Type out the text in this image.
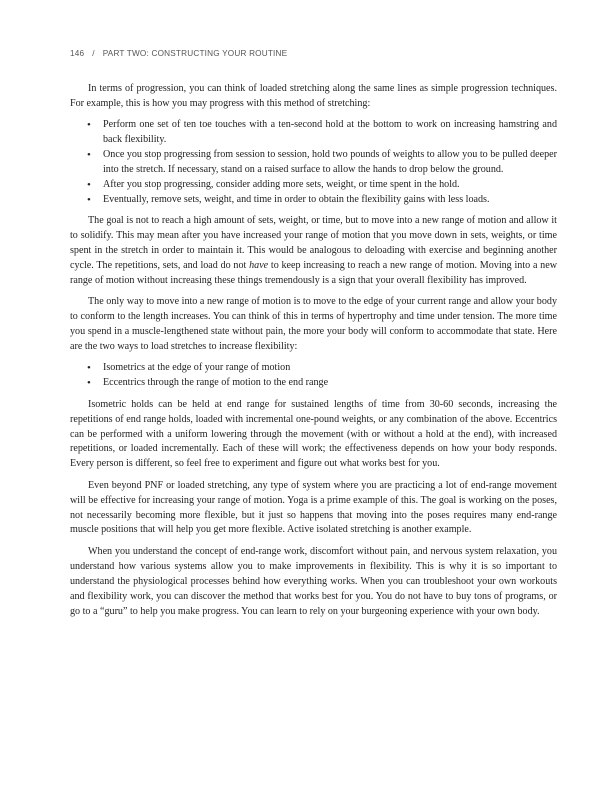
146 / PART TWO: CONSTRUCTING YOUR ROUTINE

In terms of progression, you can think of loaded stretching along the same lines as simple progression techniques. For example, this is how you may progress with this method of stretching:

• Perform one set of ten toe touches with a ten-second hold at the bottom to work on increasing hamstring and back flexibility.
• Once you stop progressing from session to session, hold two pounds of weights to allow you to be pulled deeper into the stretch. If necessary, stand on a raised surface to allow the hands to drop below the ground.
• After you stop progressing, consider adding more sets, weight, or time spent in the hold.
• Eventually, remove sets, weight, and time in order to obtain the flexibility gains with less loads.

The goal is not to reach a high amount of sets, weight, or time, but to move into a new range of motion and allow it to solidify. This may mean after you have increased your range of motion that you move down in sets, weights, or time spent in the stretch in order to maintain it. This would be analogous to deloading with exercise and beginning another cycle. The repetitions, sets, and load do not have to keep increasing to reach a new range of motion. Moving into a new range of motion without increasing these things tremendously is a sign that your overall flexibility has improved.

The only way to move into a new range of motion is to move to the edge of your current range and allow your body to conform to the length increases. You can think of this in terms of hypertrophy and time under tension. The more time you spend in a muscle-lengthened state without pain, the more your body will conform to accommodate that state. Here are the two ways to load stretches to increase flexibility:

• Isometrics at the edge of your range of motion
• Eccentrics through the range of motion to the end range

Isometric holds can be held at end range for sustained lengths of time from 30-60 seconds, increasing the repetitions of end range holds, loaded with incremental one-pound weights, or any combination of the above. Eccentrics can be performed with a uniform lowering through the movement (with or without a hold at the end), with increased repetitions, or loaded incrementally. Each of these will work; the effectiveness depends on how your body responds. Every person is different, so feel free to experiment and figure out what works best for you.

Even beyond PNF or loaded stretching, any type of system where you are practicing a lot of end-range movement will be effective for increasing your range of motion. Yoga is a prime example of this. The goal is working on the poses, not necessarily becoming more flexible, but it just so happens that moving into the poses requires many end-range muscle positions that will help you get more flexible. Active isolated stretching is another example.

When you understand the concept of end-range work, discomfort without pain, and nervous system relaxation, you understand how various systems allow you to make improvements in flexibility. This is why it is so important to understand the physiological processes behind how everything works. When you can troubleshoot your own workouts and flexibility work, you can discover the method that works best for you. You do not have to buy tons of programs, or go to a “guru” to help you make progress. You can learn to rely on your burgeoning experience with your own body.
